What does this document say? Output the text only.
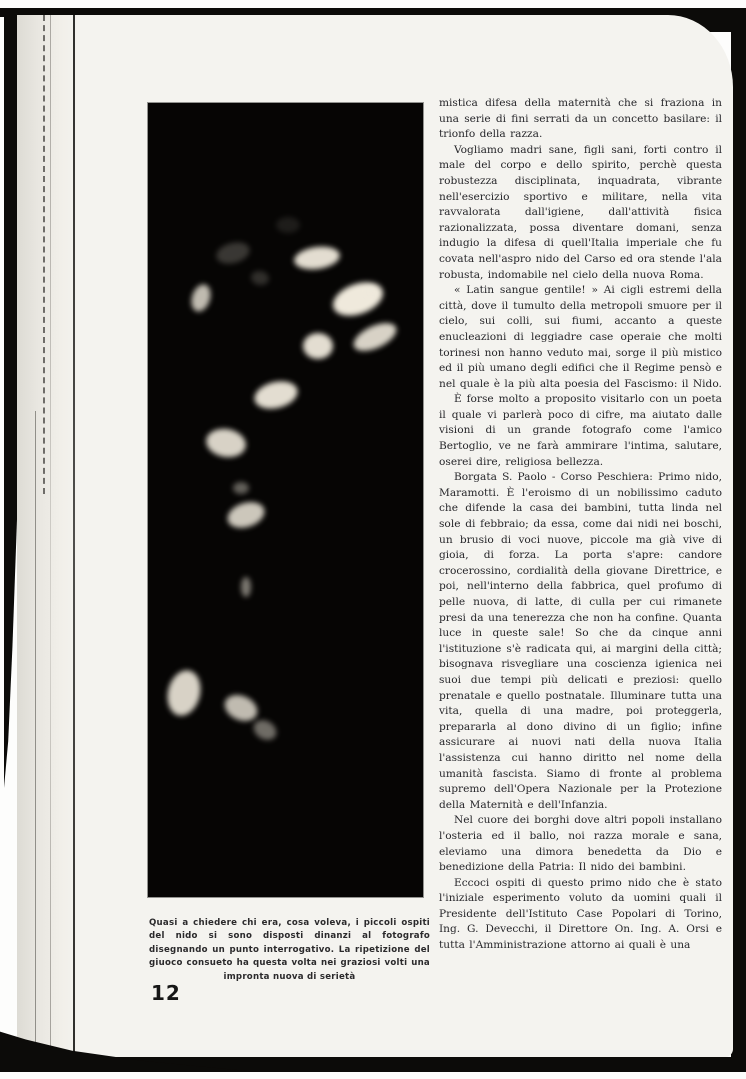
Quasi a chiedere chi era, cosa voleva, i piccoli ospiti del nido si sono disposti dinanzi al fotografo disegnando un punto interrogativo. La ripetizione del giuoco consueto ha questa volta nei graziosi volti una impronta nuova di serietà

12

mistica difesa della maternità che si fraziona in una serie di fini serrati da un concetto basilare: il trionfo della razza.

Vogliamo madri sane, figli sani, forti contro il male del corpo e dello spirito, perchè questa robustezza disciplinata, inquadrata, vibrante nell'esercizio sportivo e militare, nella vita ravvalorata dall'igiene, dall'attività fisica razionalizzata, possa diventare domani, senza indugio la difesa di quell'Italia imperiale che fu covata nell'aspro nido del Carso ed ora stende l'ala robusta, indomabile nel cielo della nuova Roma.

« Latin sangue gentile! » Ai cigli estremi della città, dove il tumulto della metropoli smuore per il cielo, sui colli, sui fiumi, accanto a queste enucleazioni di leggiadre case operaie che molti torinesi non hanno veduto mai, sorge il più mistico ed il più umano degli edifici che il Regime pensò e nel quale è la più alta poesia del Fascismo: il Nido.

È forse molto a proposito visitarlo con un poeta il quale vi parlerà poco di cifre, ma aiutato dalle visioni di un grande fotografo come l'amico Bertoglio, ve ne farà ammirare l'intima, salutare, oserei dire, religiosa bellezza.

Borgata S. Paolo - Corso Peschiera: Primo nido, Maramotti. È l'eroismo di un nobilissimo caduto che difende la casa dei bambini, tutta linda nel sole di febbraio; da essa, come dai nidi nei boschi, un brusio di voci nuove, piccole ma già vive di gioia, di forza. La porta s'apre: candore crocerossino, cordialità della giovane Direttrice, e poi, nell'interno della fabbrica, quel profumo di pelle nuova, di latte, di culla per cui rimanete presi da una tenerezza che non ha confine. Quanta luce in queste sale! So che da cinque anni l'istituzione s'è radicata qui, ai margini della città; bisognava risvegliare una coscienza igienica nei suoi due tempi più delicati e preziosi: quello prenatale e quello postnatale. Illuminare tutta una vita, quella di una madre, poi proteggerla, prepararla al dono divino di un figlio; infine assicurare ai nuovi nati della nuova Italia l'assistenza cui hanno diritto nel nome della umanità fascista. Siamo di fronte al problema supremo dell'Opera Nazionale per la Protezione della Maternità e dell'Infanzia.

Nel cuore dei borghi dove altri popoli installano l'osteria ed il ballo, noi razza morale e sana, eleviamo una dimora benedetta da Dio e benedizione della Patria: Il nido dei bambini.

Eccoci ospiti di questo primo nido che è stato l'iniziale esperimento voluto da uomini quali il Presidente dell'Istituto Case Popolari di Torino, Ing. G. Devecchi, il Direttore On. Ing. A. Orsi e tutta l'Amministrazione attorno ai quali è una
